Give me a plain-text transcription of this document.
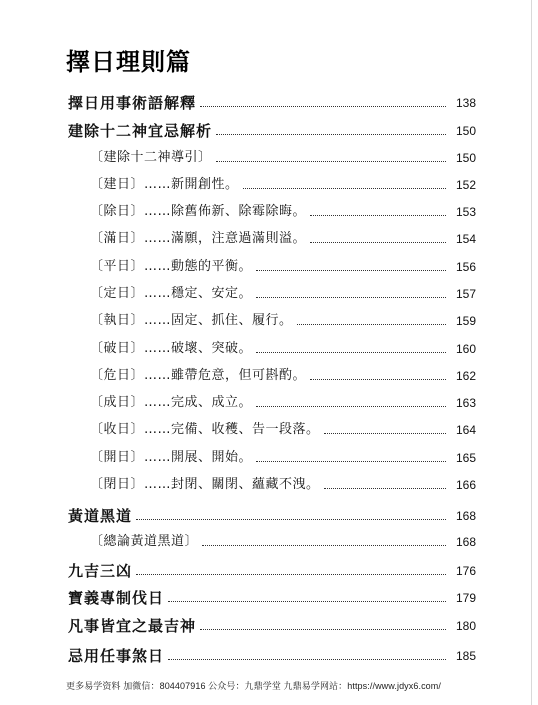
擇日理則篇
擇日用事術語解釋	138
建除十二神宜忌解析	150
〔建除十二神導引〕	150
〔建日〕……新開創性。	152
〔除日〕……除舊佈新、除霉除晦。	153
〔滿日〕……滿願，注意過滿則溢。	154
〔平日〕……動態的平衡。	156
〔定日〕……穩定、安定。	157
〔執日〕……固定、抓住、履行。	159
〔破日〕……破壞、突破。	160
〔危日〕……雖帶危意，但可斟酌。	162
〔成日〕……完成、成立。	163
〔收日〕……完備、收穫、告一段落。	164
〔開日〕……開展、開始。	165
〔閉日〕……封閉、關閉、蘊藏不洩。	166
黃道黑道	168
〔總論黃道黑道〕	168
九吉三凶	176
寶義專制伐日	179
凡事皆宜之最吉神	180
忌用任事煞日	185
更多易学资料 加微信：804407916 公众号：九鼎学堂 九鼎易学网站：https://www.jdyx6.com/
